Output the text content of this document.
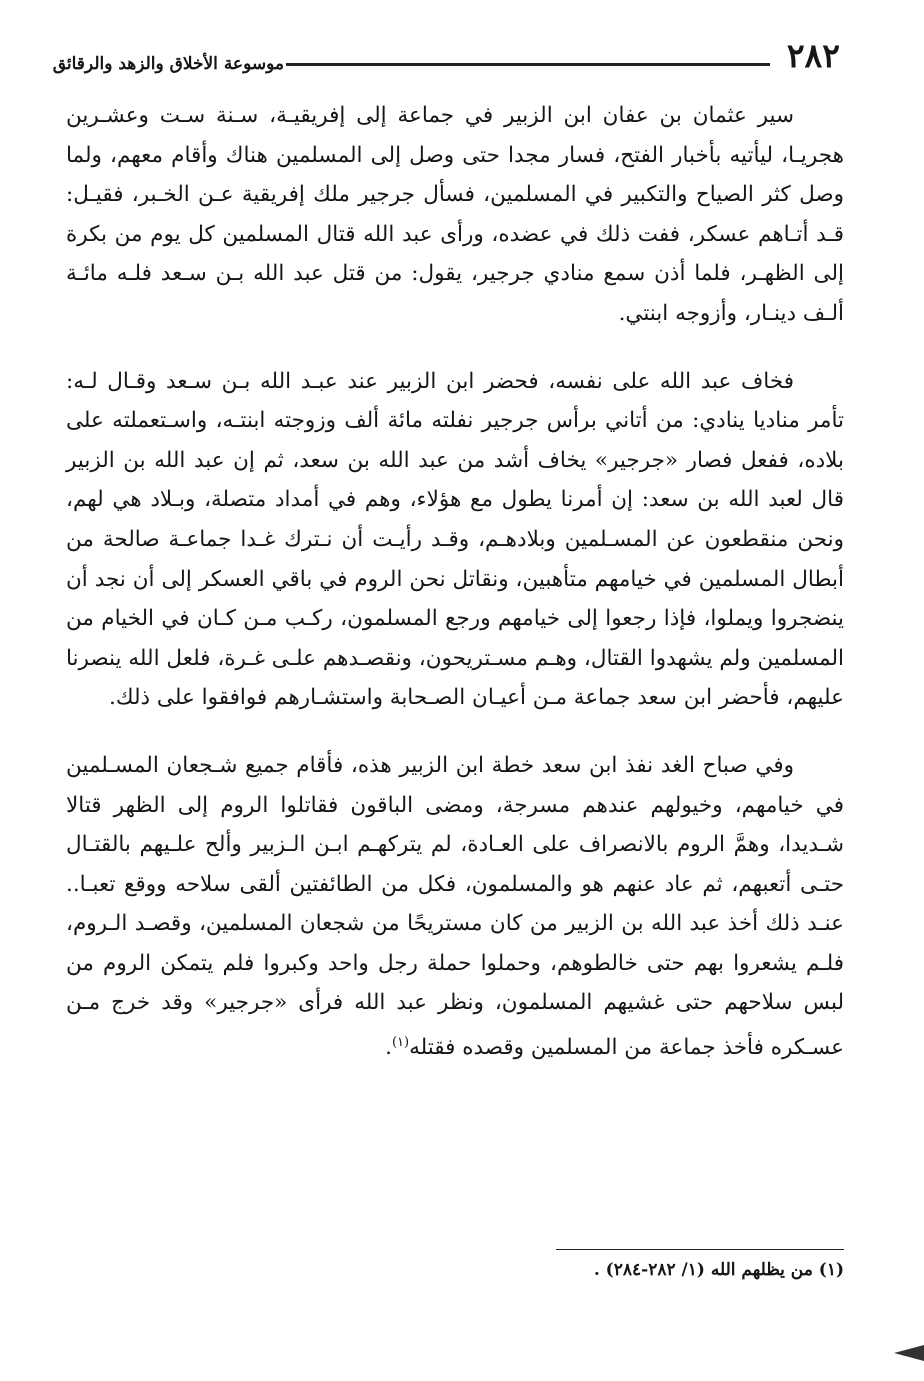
٢٨٢
موسوعة الأخلاق والزهد والرقائق

سير عثمان بن عفان ابن الزبير في جماعة إلى إفريقيـة، سـنة سـت وعشـرين هجريـا، ليأتيه بأخبار الفتح، فسار مجدا حتى وصل إلى المسلمين هناك وأقام معهم، ولما وصل كثر الصياح والتكبير في المسلمين، فسأل جرجير ملك إفريقية عـن الخـبر، فقيـل: قـد أتـاهم عسكر، ففت ذلك في عضده، ورأى عبد الله قتال المسلمين كل يوم من بكرة إلى الظهـر، فلما أذن سمع منادي جرجير، يقول: من قتل عبد الله بـن سـعد فلـه مائـة ألـف دينـار، وأزوجه ابنتي.

فخاف عبد الله على نفسه، فحضر ابن الزبير عند عبـد الله بـن سـعد وقـال لـه: تأمر مناديا ينادي: من أتاني برأس جرجير نفلته مائة ألف وزوجته ابنتـه، واسـتعملته على بلاده، ففعل فصار «جرجير» يخاف أشد من عبد الله بن سعد، ثم إن عبد الله بن الزبير قال لعبد الله بن سعد: إن أمرنا يطول مع هؤلاء، وهم في أمداد متصلة، وبـلاد هي لهم، ونحن منقطعون عن المسـلمين وبلادهـم، وقـد رأيـت أن نـترك غـدا جماعـة صالحة من أبطال المسلمين في خيامهم متأهبين، ونقاتل نحن الروم في باقي العسكر إلى أن نجد أن ينضجروا ويملوا، فإذا رجعوا إلى خيامهم ورجع المسلمون، ركـب مـن كـان في الخيام من المسلمين ولم يشهدوا القتال، وهـم مسـتريحون، ونقصـدهم علـى غـرة، فلعل الله ينصرنا عليهم، فأحضر ابن سعد جماعة مـن أعيـان الصـحابة واستشـارهم فوافقوا على ذلك.

وفي صباح الغد نفذ ابن سعد خطة ابن الزبير هذه، فأقام جميع شـجعان المسـلمين في خيامهم، وخيولهم عندهم مسرجة، ومضى الباقون فقاتلوا الروم إلى الظهر قتالا شـديدا، وهمَّ الروم بالانصراف على العـادة، لم يتركهـم ابـن الـزبير وألح علـيهم بالقتـال حتـى أتعبهم، ثم عاد عنهم هو والمسلمون، فكل من الطائفتين ألقى سلاحه ووقع تعبـا.. عنـد ذلك أخذ عبد الله بن الزبير من كان مستريحًا من شجعان المسلمين، وقصـد الـروم، فلـم يشعروا بهم حتى خالطوهم، وحملوا حملة رجل واحد وكبروا فلم يتمكن الروم من لبس سلاحهم حتى غشيهم المسلمون، ونظر عبد الله فرأى «جرجير» وقد خرج مـن عسـكره فأخذ جماعة من المسلمين وقصده فقتله$^{(١)}$.

(١) من يظلهم الله (١/ ٢٨٢-٢٨٤) .
